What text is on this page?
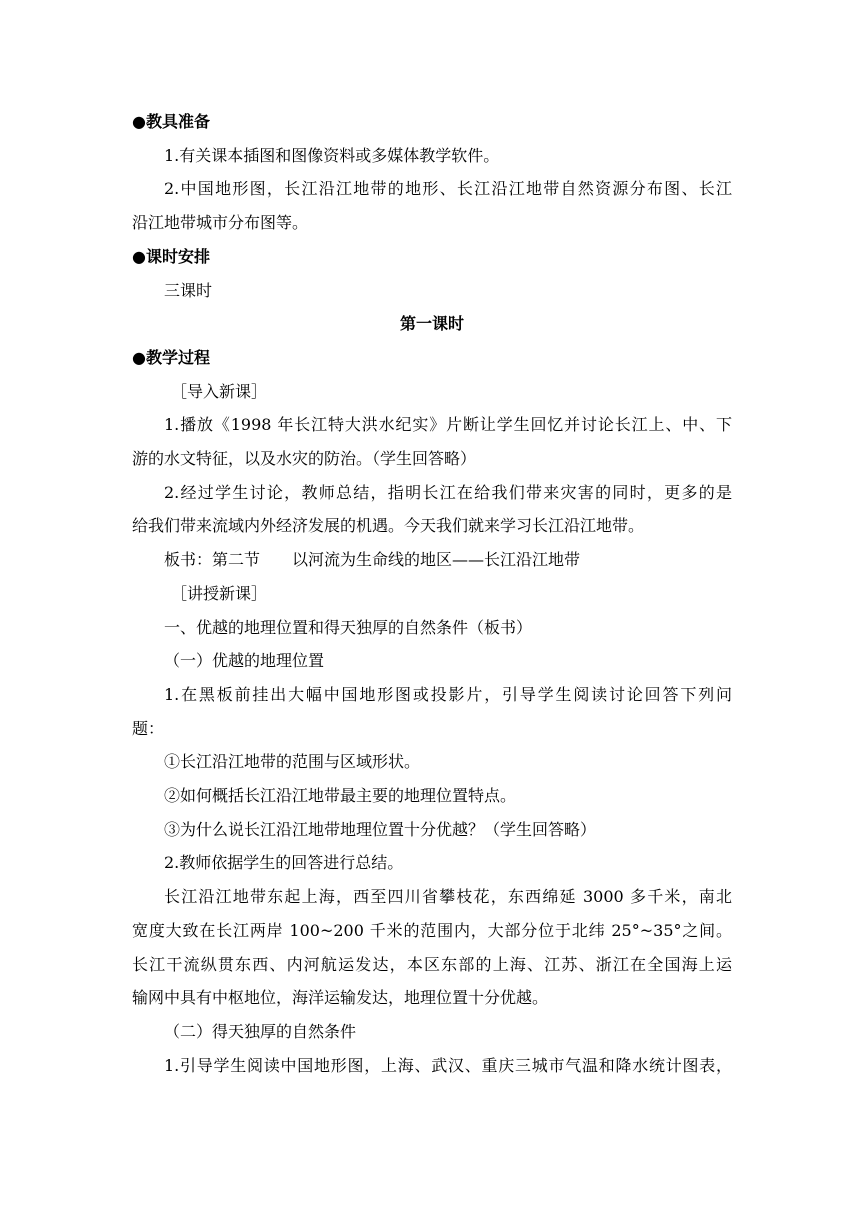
●教具准备

1.有关课本插图和图像资料或多媒体教学软件。

2.中国地形图，长江沿江地带的地形、长江沿江地带自然资源分布图、长江

沿江地带城市分布图等。

●课时安排

三课时

第一课时

●教学过程

［导入新课］

1.播放《1998 年长江特大洪水纪实》片断让学生回忆并讨论长江上、中、下

游的水文特征，以及水灾的防治。（学生回答略）

2.经过学生讨论，教师总结，指明长江在给我们带来灾害的同时，更多的是

给我们带来流域内外经济发展的机遇。今天我们就来学习长江沿江地带。

板书：第二节　　以河流为生命线的地区——长江沿江地带

［讲授新课］

一、优越的地理位置和得天独厚的自然条件（板书）

（一）优越的地理位置

1.在黑板前挂出大幅中国地形图或投影片，引导学生阅读讨论回答下列问

题：

①长江沿江地带的范围与区域形状。

②如何概括长江沿江地带最主要的地理位置特点。

③为什么说长江沿江地带地理位置十分优越？（学生回答略）

2.教师依据学生的回答进行总结。

长江沿江地带东起上海，西至四川省攀枝花，东西绵延 3000 多千米，南北

宽度大致在长江两岸 100~200 千米的范围内，大部分位于北纬 25°~35°之间。

长江干流纵贯东西、内河航运发达，本区东部的上海、江苏、浙江在全国海上运

输网中具有中枢地位，海洋运输发达，地理位置十分优越。

（二）得天独厚的自然条件

1.引导学生阅读中国地形图，上海、武汉、重庆三城市气温和降水统计图表，
